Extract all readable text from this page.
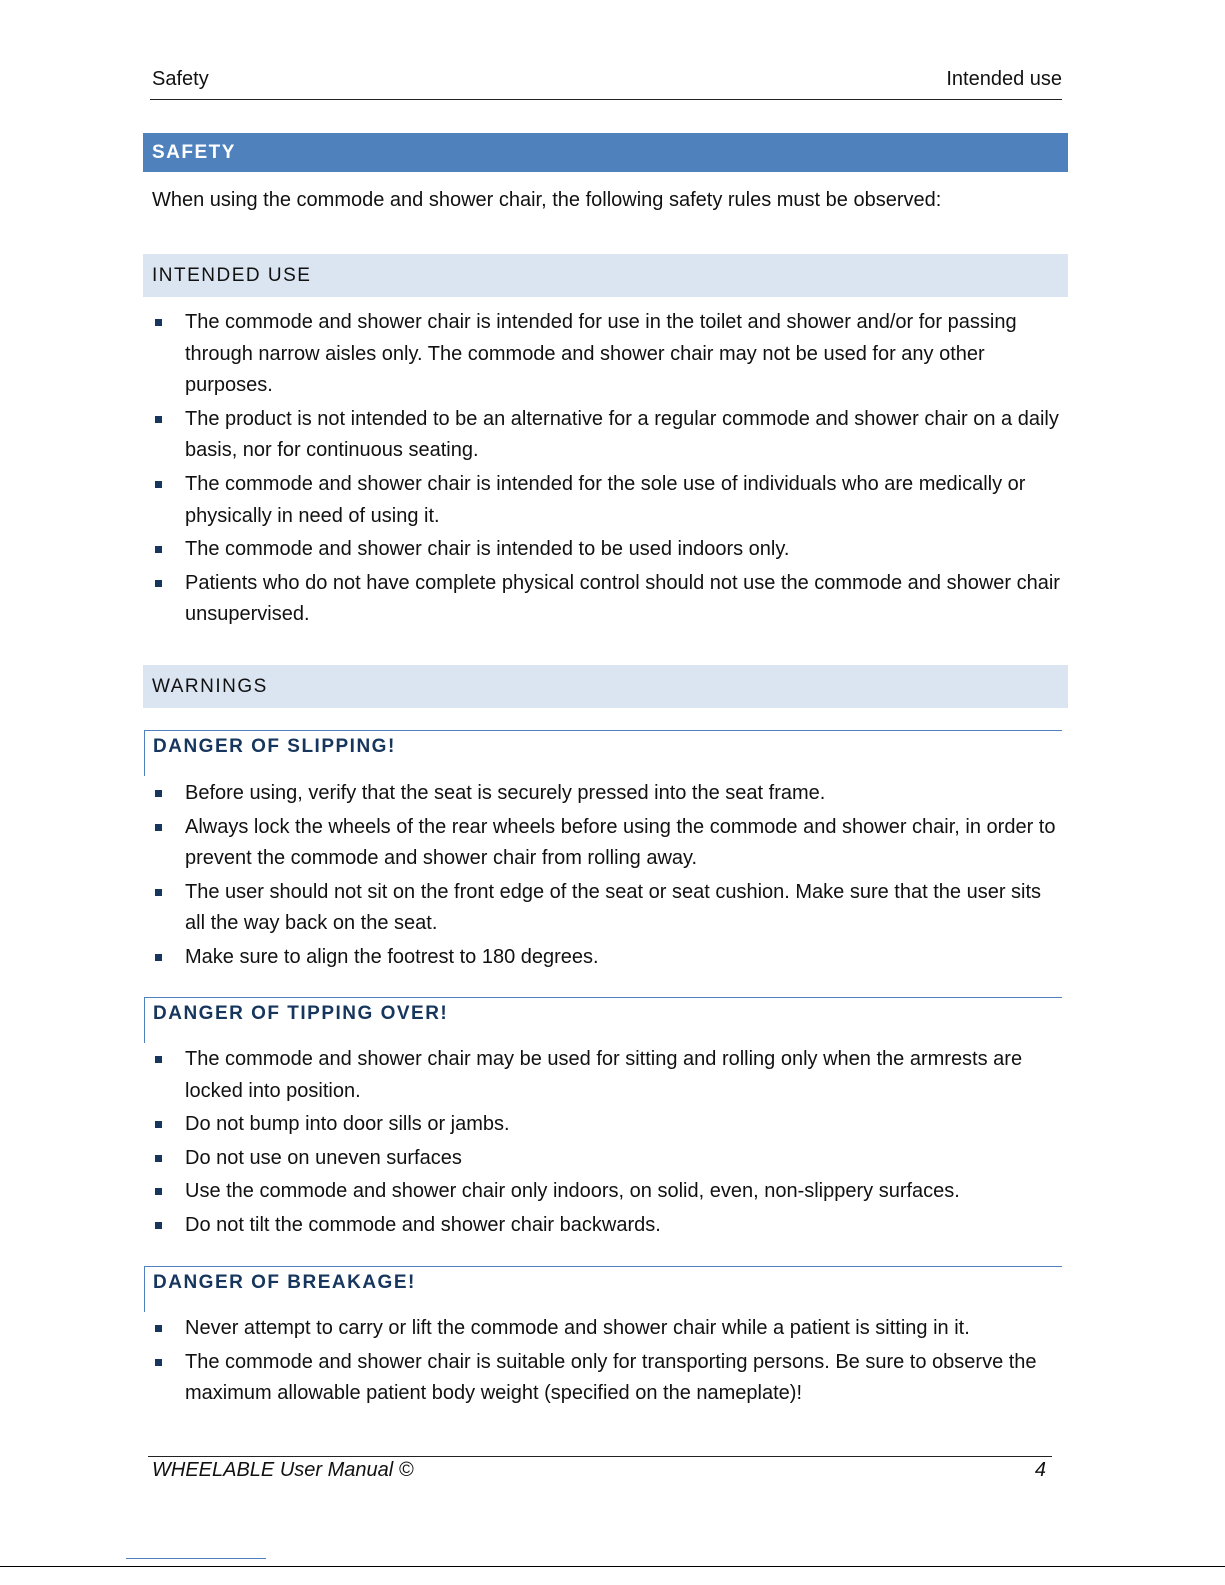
Safety	Intended use
SAFETY
When using the commode and shower chair, the following safety rules must be observed:
INTENDED USE
The commode and shower chair is intended for use in the toilet and shower and/or for passing through narrow aisles only. The commode and shower chair may not be used for any other purposes.
The product is not intended to be an alternative for a regular commode and shower chair on a daily basis, nor for continuous seating.
The commode and shower chair is intended for the sole use of individuals who are medically or physically in need of using it.
The commode and shower chair is intended to be used indoors only.
Patients who do not have complete physical control should not use the commode and shower chair unsupervised.
WARNINGS
DANGER OF SLIPPING!
Before using, verify that the seat is securely pressed into the seat frame.
Always lock the wheels of the rear wheels before using the commode and shower chair, in order to prevent the commode and shower chair from rolling away.
The user should not sit on the front edge of the seat or seat cushion. Make sure that the user sits all the way back on the seat.
Make sure to align the footrest to 180 degrees.
DANGER OF TIPPING OVER!
The commode and shower chair may be used for sitting and rolling only when the armrests are locked into position.
Do not bump into door sills or jambs.
Do not use on uneven surfaces
Use the commode and shower chair only indoors, on solid, even, non-slippery surfaces.
Do not tilt the commode and shower chair backwards.
DANGER OF BREAKAGE!
Never attempt to carry or lift the commode and shower chair while a patient is sitting in it.
The commode and shower chair is suitable only for transporting persons. Be sure to observe the maximum allowable patient body weight (specified on the nameplate)!
WHEELABLE User Manual ©	4
